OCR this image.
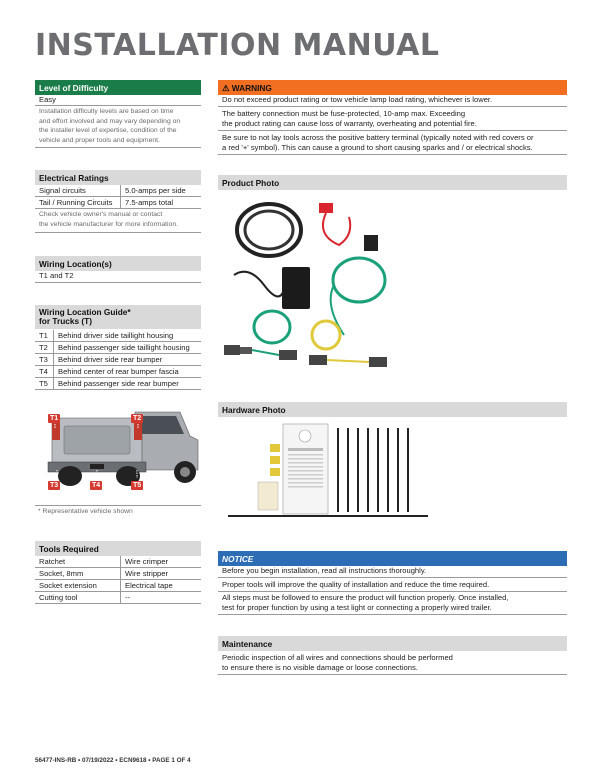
INSTALLATION MANUAL
Level of Difficulty
Easy
Installation difficulty levels are based on time
and effort involved and may vary depending on
the installer level of expertise, condition of the
vehicle and proper tools and equipment.
Electrical Ratings
Signal circuits	5.0-amps per side
Tail / Running Circuits	7.5-amps total
Check vehicle owner's manual or contact
the vehicle manufacturer for more information.
Wiring Location(s)
T1 and T2
Wiring Location Guide*
for Trucks (T)
T1	Behind driver side taillight housing
T2	Behind passenger side taillight housing
T3	Behind driver side rear bumper
T4	Behind center of rear bumper fascia
T5	Behind passenger side rear bumper
T1	T2
T3	T4	T5
* Representative vehicle shown
Tools Required
Ratchet	Wire crimper
Socket, 8mm	Wire stripper
Socket extension	Electrical tape
Cutting tool	--
⚠ WARNING
Do not exceed product rating or tow vehicle lamp load rating, whichever is lower.
The battery connection must be fuse-protected, 10-amp max. Exceeding
the product rating can cause loss of warranty, overheating and potential fire.
Be sure to not lay tools across the positive battery terminal (typically noted with red covers or
a red '+' symbol). This can cause a ground to short causing sparks and / or electrical shocks.
Product Photo
Hardware Photo
NOTICE
Before you begin installation, read all instructions thoroughly.
Proper tools will improve the quality of installation and reduce the time required.
All steps must be followed to ensure the product will function properly. Once installed,
test for proper function by using a test light or connecting a properly wired trailer.
Maintenance
Periodic inspection of all wires and connections should be performed
to ensure there is no visible damage or loose connections.
56477-INS-RB • 07/19/2022 • ECN9618 • PAGE 1 OF 4
